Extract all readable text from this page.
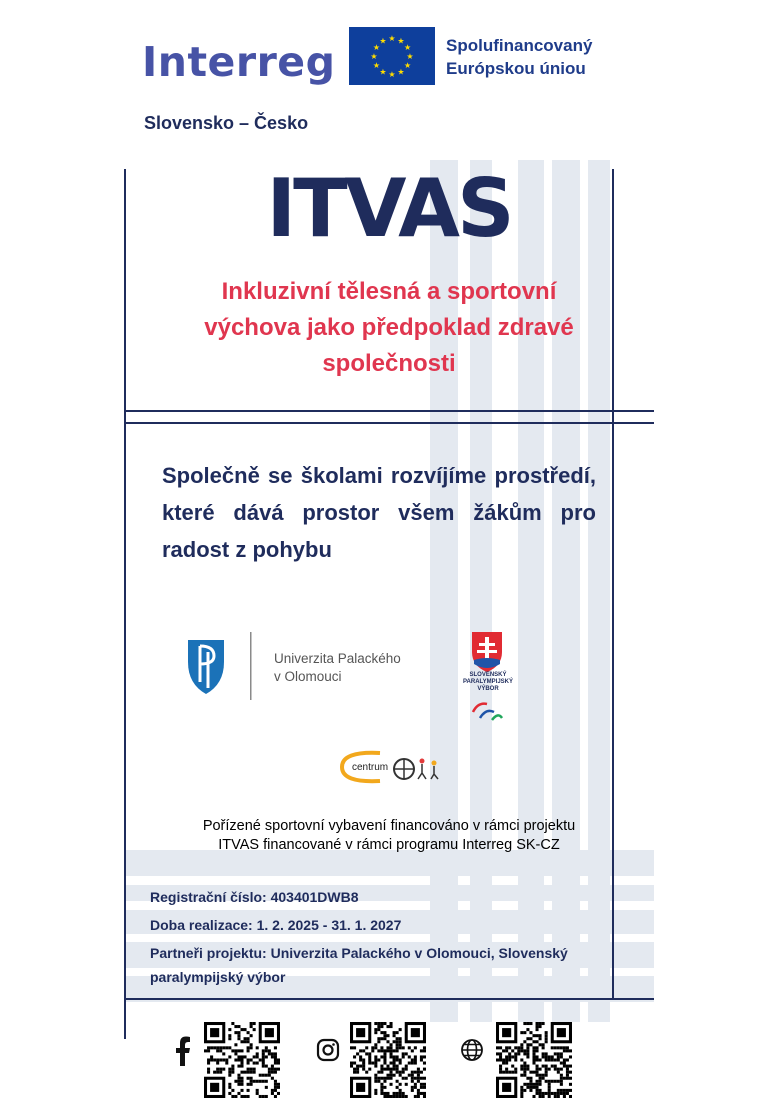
Interreg	★ ★
★
★
★
★
★
★
★
★
★
★	Spolufinancovaný
Európskou úniou
Slovensko – Česko
ITVAS
Inkluzivní tělesná a sportovní
výchova jako předpoklad zdravé
společnosti
Společně se školami rozvíjíme prostředí, které dává prostor všem žákům pro radost z pohybu
Univerzita Palackého
v Olomouci	SLOVENSKÝ
PARALYMPIJSKÝ
VÝBOR
centrum
Pořízené sportovní vybavení financováno v rámci projektu
ITVAS financované v rámci programu Interreg SK-CZ
Registrační číslo: 403401DWB8
Doba realizace: 1. 2. 2025 - 31. 1. 2027
Partneři projektu: Univerzita Palackého v Olomouci, Slovenský
paralympijský výbor
